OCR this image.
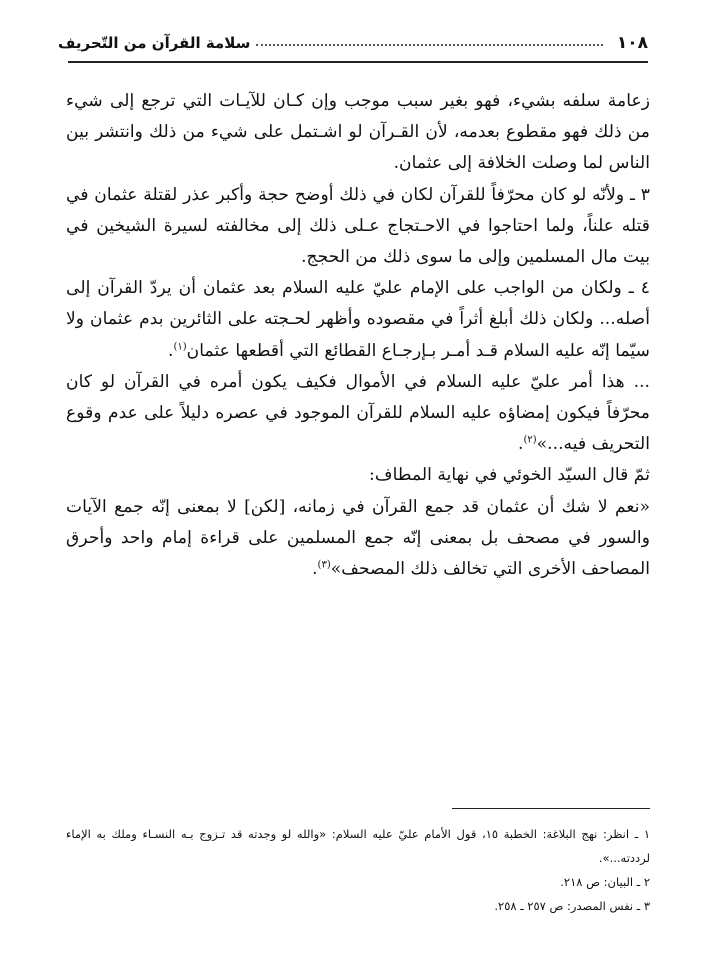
١٠٨
سلامة القرآن من التّحريف

زعامة سلفه بشيء، فهو بغير سبب موجب وإن كـان للآيـات التي ترجع إلى شيء من ذلك فهو مقطوع بعدمه، لأن القـرآن لو اشـتمل على شيء من ذلك وانتشر بين الناس لما وصلت الخلافة إلى عثمان.

٣ ـ ولأنّه لو كان محرّفاً للقرآن لكان في ذلك أوضح حجة وأكبر عذر لقتلة عثمان في قتله علناً، ولما احتاجوا في الاحـتجاج عـلى ذلك إلى مخالفته لسيرة الشيخين في بيت مال المسلمين وإلى ما سوى ذلك من الحجج.

٤ ـ ولكان من الواجب على الإمام عليّ عليه السلام بعد عثمان أن يردّ القرآن إلى أصله... ولكان ذلك أبلغ أثراً في مقصوده وأظهر لحـجته على الثائرين بدم عثمان ولا سيّما إنّه عليه السلام قـد أمـر بـإرجـاع القطائع التي أقطعها عثمان$^{(١)}$.

... هذا أمر عليّ عليه السلام في الأموال فكيف يكون أمره في القرآن لو كان محرّفاً فيكون إمضاؤه عليه السلام للقرآن الموجود في عصره دليلاً على عدم وقوع التحريف فيه...»$^{(٢)}$.

ثمّ قال السيّد الخوئي في نهاية المطاف:

«نعم لا شك أن عثمان قد جمع القرآن في زمانه، [لكن] لا بمعنى إنّه جمع الآيات والسور في مصحف بل بمعنى إنّه جمع المسلمين على قراءة إمام واحد وأحرق المصاحف الأخرى التي تخالف ذلك المصحف»$^{(٣)}$.

١ ـ انظر: نهج البلاغة: الخطبة ١٥، قول الأمام عليّ عليه السلام: «والله لو وجدته قد تـزوج بـه النسـاء وملك به الإماء لرددته...».

٢ ـ البيان: ص ٢١٨.

٣ ـ نفس المصدر: ص ٢٥٧ ـ ٢٥٨.
